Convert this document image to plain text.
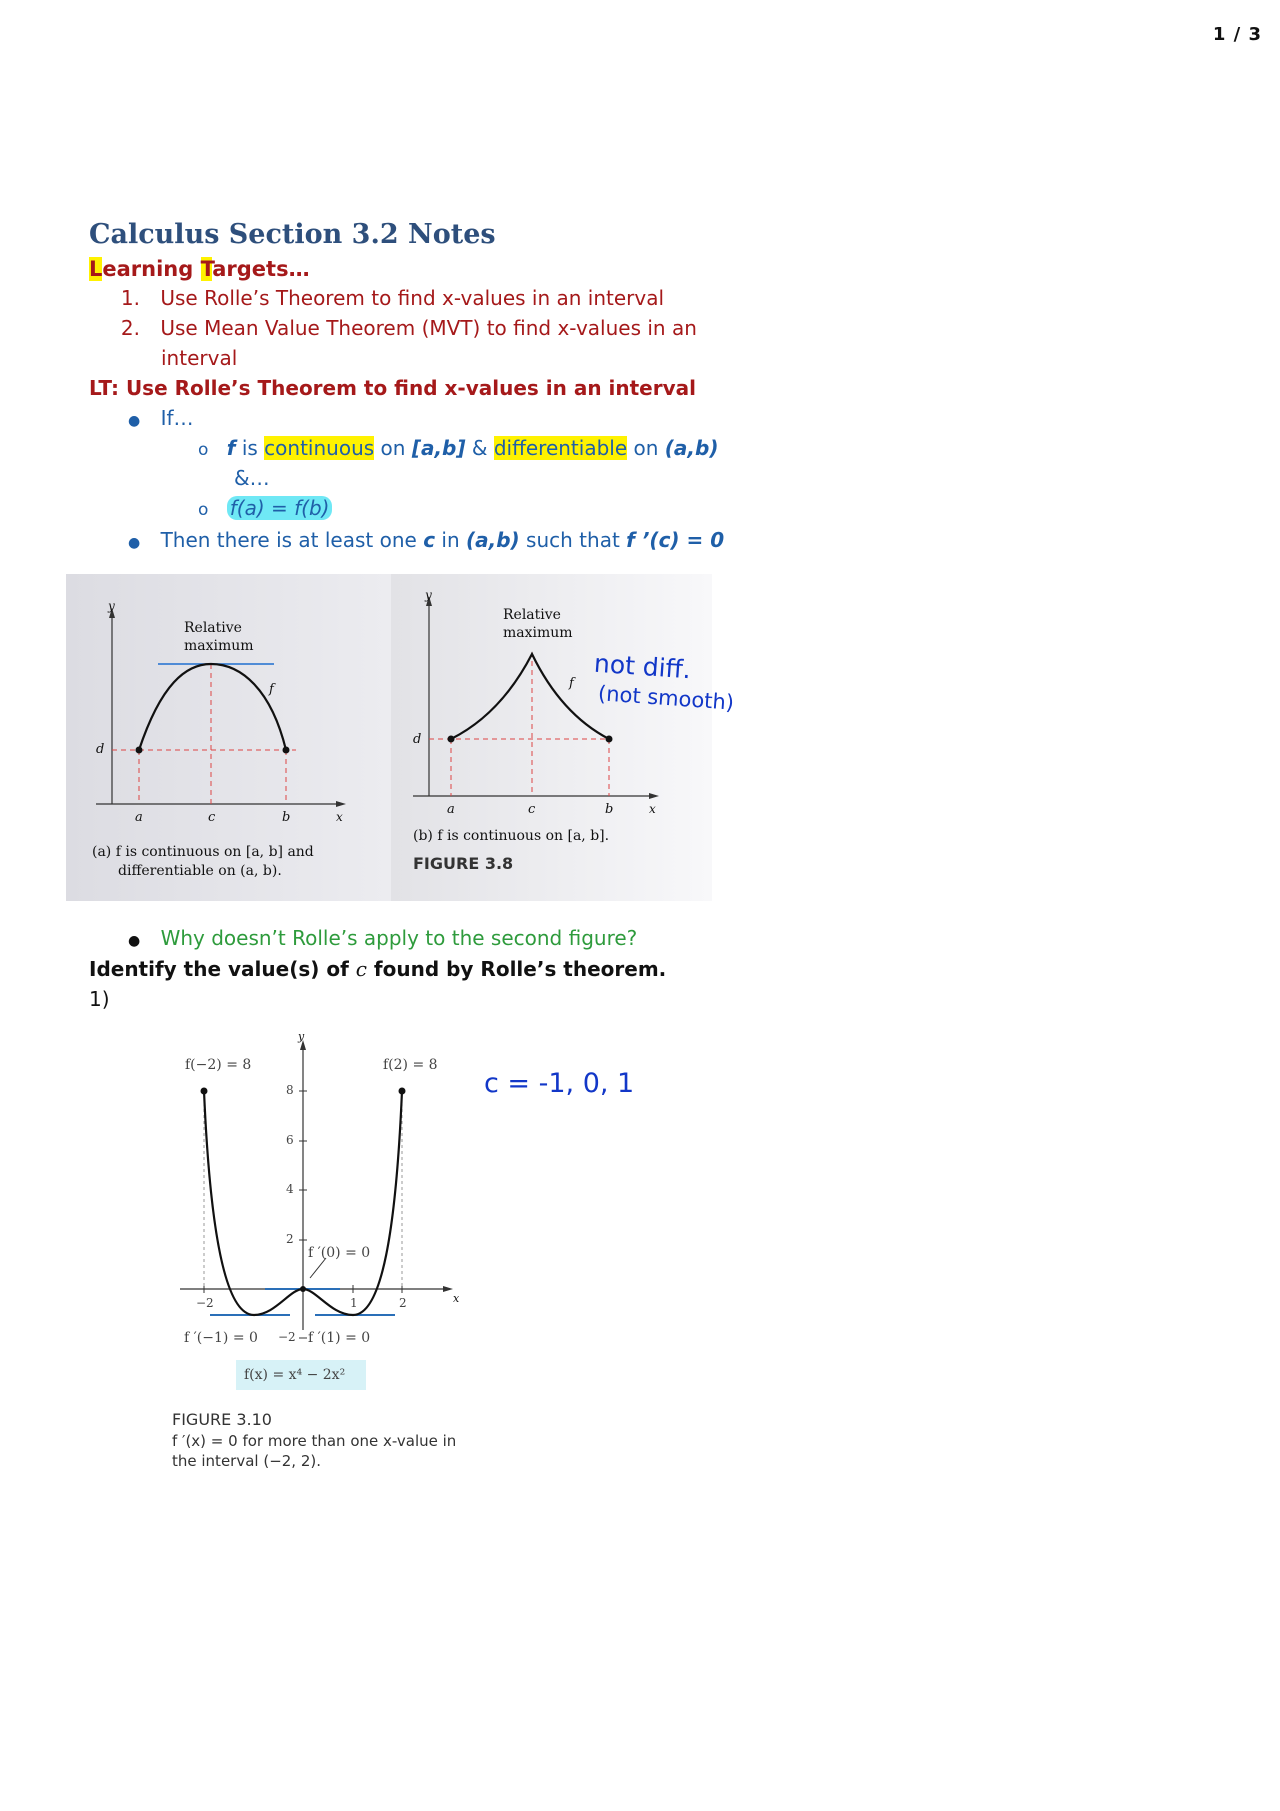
1 / 3
Calculus Section 3.2 Notes
Learning Targets…
1. Use Rolle’s Theorem to find x-values in an interval
2. Use Mean Value Theorem (MVT) to find x-values in an
interval
LT: Use Rolle’s Theorem to find x-values in an interval
● If…
o f is continuous on [a,b] & differentiable on (a,b)
&…
o f(a) = f(b)
● Then there is at least one c in (a,b) such that f ’(c) = 0
y
Relative
maximum
f
d
a	c	b	x
(a) f is continuous on [a, b] and
differentiable on (a, b).
y
Relative
maximum
f
d
a	c	b	x
(b) f is continuous on [a, b].
FIGURE 3.8
not diff.
(not smooth)
● Why doesn’t Rolle’s apply to the second figure?
Identify the value(s) of c found by Rolle’s theorem.
1)
f(−2) = 8	f(2) = 8
y
8
6
4
2
−2
f ′(0) = 0
x
−2	1	2
f ′(−1) = 0	f ′(1) = 0
f(x) = x⁴ − 2x²
FIGURE 3.10
f ′(x) = 0 for more than one x-value in
the interval (−2, 2).
c = -1, 0, 1
